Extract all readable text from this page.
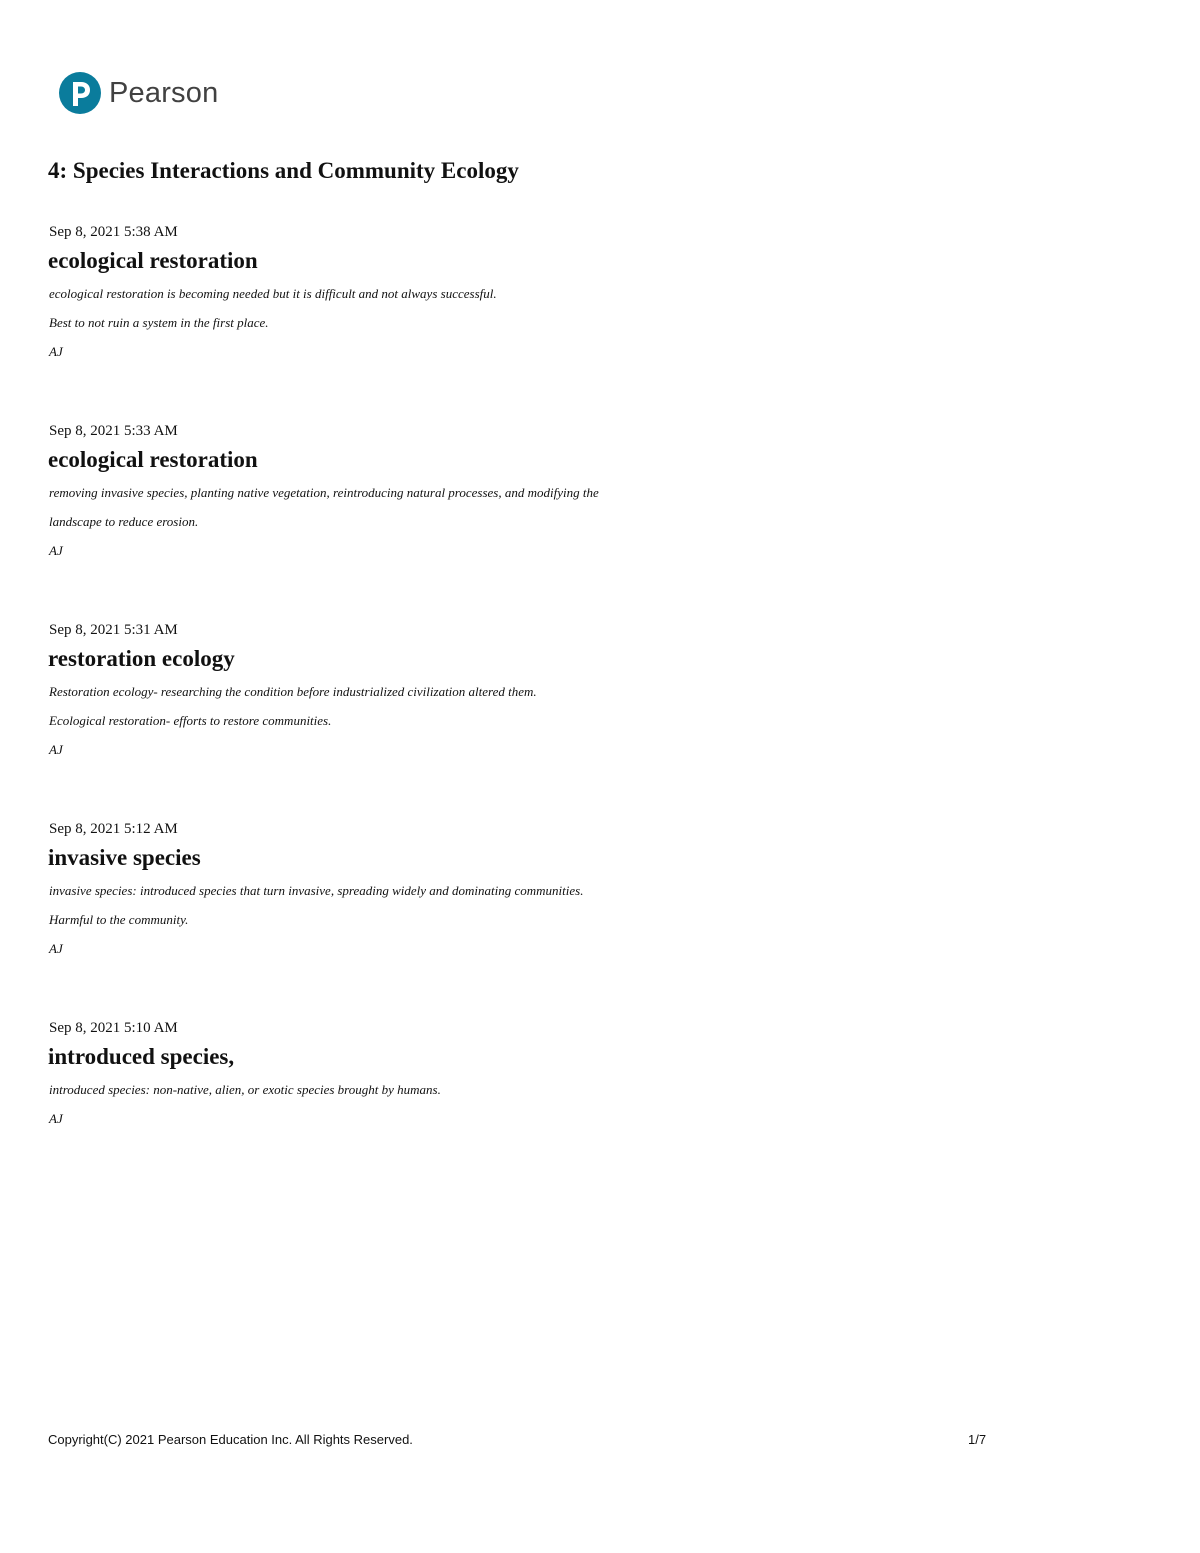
Pearson
4: Species Interactions and Community Ecology
Sep 8, 2021 5:38 AM
ecological restoration
ecological restoration is becoming needed but it is difficult and not always successful.
Best to not ruin a system in the first place.
AJ
Sep 8, 2021 5:33 AM
ecological restoration
removing invasive species, planting native vegetation, reintroducing natural processes, and modifying the
landscape to reduce erosion.
AJ
Sep 8, 2021 5:31 AM
restoration ecology
Restoration ecology- researching the condition before industrialized civilization altered them.
Ecological restoration- efforts to restore communities.
AJ
Sep 8, 2021 5:12 AM
invasive species
invasive species: introduced species that turn invasive, spreading widely and dominating communities.
Harmful to the community.
AJ
Sep 8, 2021 5:10 AM
introduced species,
introduced species: non-native, alien, or exotic species brought by humans.
AJ
Copyright(C) 2021 Pearson Education Inc. All Rights Reserved.	1/7
